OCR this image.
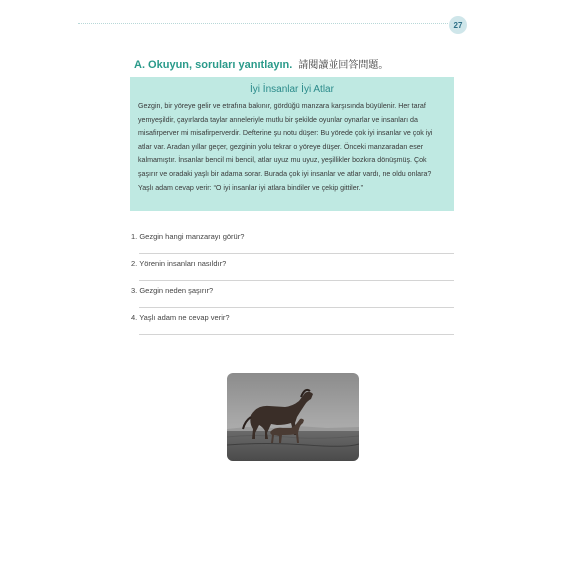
27
A. Okuyun, soruları yanıtlayın. 請閱讀並回答問題。
İyi İnsanlar İyi Atlar

Gezgin, bir yöreye gelir ve etrafına bakınır, gördüğü manzara karşısında büyülenir. Her taraf yemyeşildir, çayırlarda taylar anneleriyle mutlu bir şekilde oyunlar oynarlar ve insanları da misafirperver mi misafirperverdir. Defterine şu notu düşer: Bu yörede çok iyi insanlar ve çok iyi atlar var. Aradan yıllar geçer, gezginin yolu tekrar o yöreye düşer. Önceki manzaradan eser kalmamıştır. İnsanlar bencil mi bencil, atlar uyuz mu uyuz, yeşillikler bozkıra dönüşmüş. Çok şaşırır ve oradaki yaşlı bir adama sorar. Burada çok iyi insanlar ve atlar vardı, ne oldu onlara? Yaşlı adam cevap verir: “O iyi insanlar iyi atlara bindiler ve çekip gittiler.”

1. Gezgin hangi manzarayı görür?
2. Yörenin insanları nasıldır?
3. Gezgin neden şaşırır?
4. Yaşlı adam ne cevap verir?
